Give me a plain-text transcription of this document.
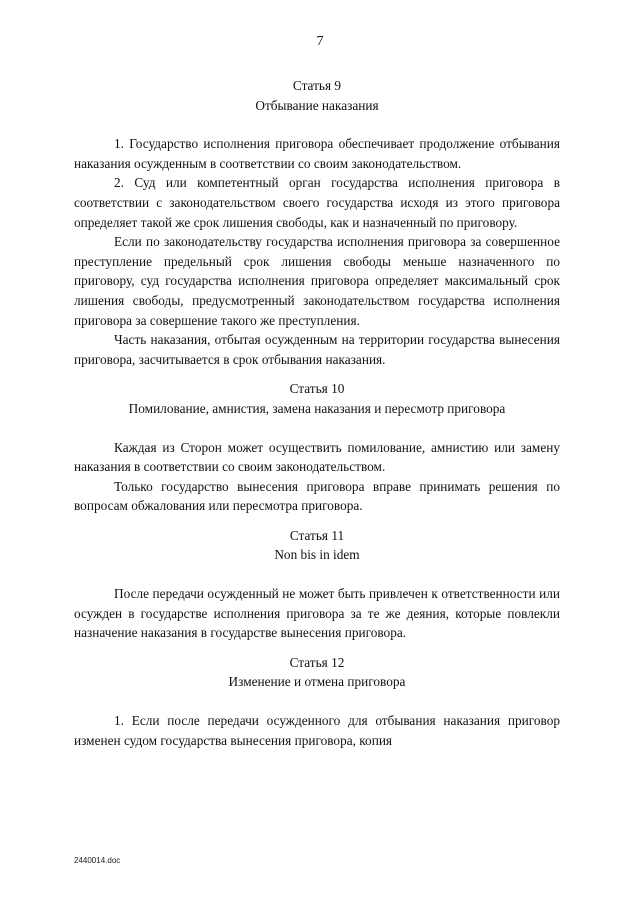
7
Статья 9
Отбывание наказания

1. Государство исполнения приговора обеспечивает продолжение отбывания наказания осужденным в соответствии со своим законодательством.

2. Суд или компетентный орган государства исполнения приговора в соответствии с законодательством своего государства исходя из этого приговора определяет такой же срок лишения свободы, как и назначенный по приговору.

Если по законодательству государства исполнения приговора за совершенное преступление предельный срок лишения свободы меньше назначенного по приговору, суд государства исполнения приговора определяет максимальный срок лишения свободы, предусмотренный законодательством государства исполнения приговора за совершение такого же преступления.

Часть наказания, отбытая осужденным на территории государства вынесения приговора, засчитывается в срок отбывания наказания.

Статья 10
Помилование, амнистия, замена наказания и пересмотр приговора

Каждая из Сторон может осуществить помилование, амнистию или замену наказания в соответствии со своим законодательством.

Только государство вынесения приговора вправе принимать решения по вопросам обжалования или пересмотра приговора.

Статья 11
Non bis in idem

После передачи осужденный не может быть привлечен к ответственности или осужден в государстве исполнения приговора за те же деяния, которые повлекли назначение наказания в государстве вынесения приговора.

Статья 12
Изменение и отмена приговора

1. Если после передачи осужденного для отбывания наказания приговор изменен судом государства вынесения приговора, копия

2440014.doc
